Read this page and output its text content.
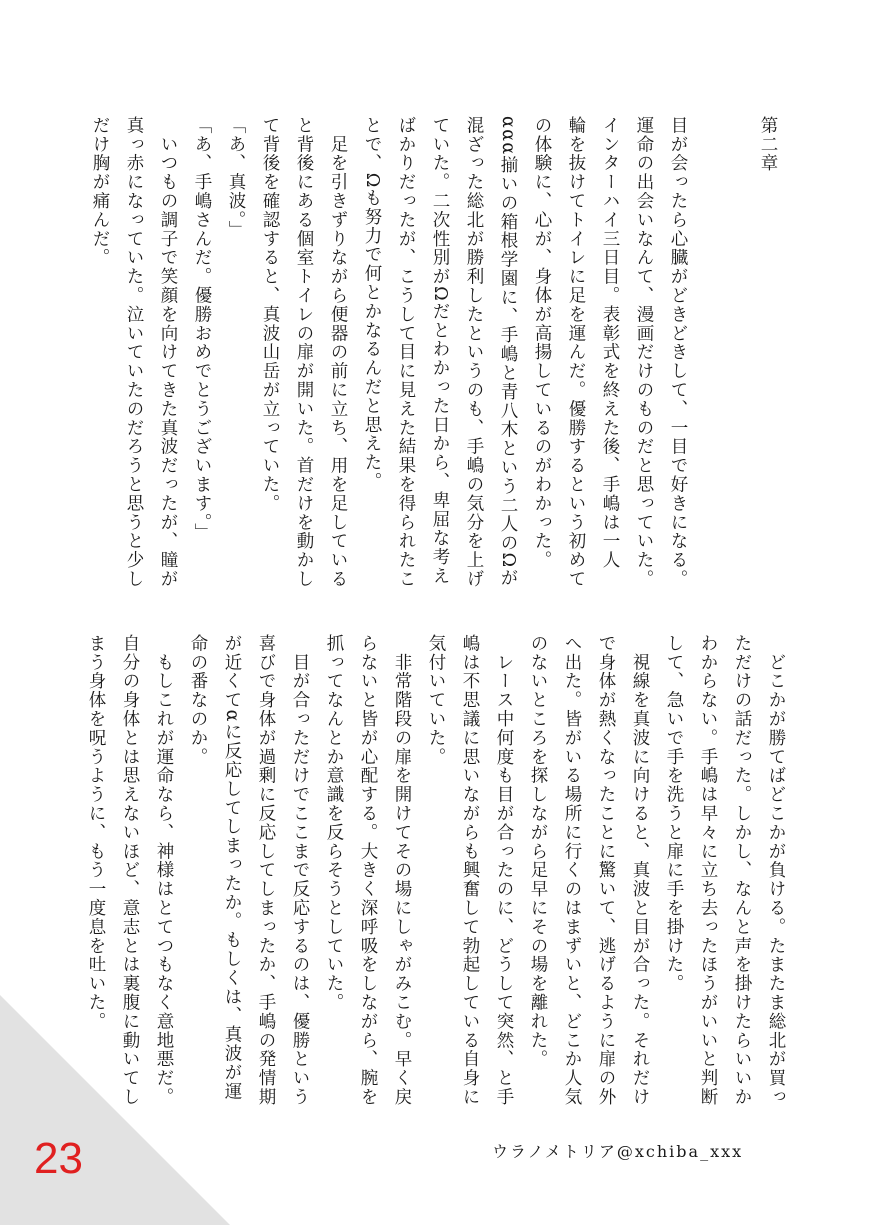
第二章
目が会ったら心臓がどきどきして、一目で好きになる。
運命の出会いなんて、漫画だけのものだと思っていた。
インターハイ三日目。表彰式を終えた後、手嶋は一人
輪を抜けてトイレに足を運んだ。優勝するという初めて
の体験に、心が、身体が高揚しているのがわかった。
ααα揃いの箱根学園に、手嶋と青八木という二人のΩが
混ざった総北が勝利したというのも、手嶋の気分を上げ
ていた。二次性別がΩだとわかった日から、卑屈な考え
ばかりだったが、こうして目に見えた結果を得られたこ
とで、Ωも努力で何とかなるんだと思えた。
　足を引きずりながら便器の前に立ち、用を足している
と背後にある個室トイレの扉が開いた。首だけを動かし
て背後を確認すると、真波山岳が立っていた。
「あ、真波。」
「あ、手嶋さんだ。優勝おめでとうございます。」
　いつもの調子で笑顔を向けてきた真波だったが、瞳が
真っ赤になっていた。泣いていたのだろうと思うと少し
だけ胸が痛んだ。
　どこかが勝てばどこかが負ける。たまたま総北が買っ
ただけの話だった。しかし、なんと声を掛けたらいいか
わからない。手嶋は早々に立ち去ったほうがいいと判断
して、急いで手を洗うと扉に手を掛けた。
　視線を真波に向けると、真波と目が合った。それだけ
で身体が熱くなったことに驚いて、逃げるように扉の外
へ出た。皆がいる場所に行くのはまずいと、どこか人気
のないところを探しながら足早にその場を離れた。
　レース中何度も目が合ったのに、どうして突然、と手
嶋は不思議に思いながらも興奮して勃起している自身に
気付いていた。
　非常階段の扉を開けてその場にしゃがみこむ。早く戻
らないと皆が心配する。大きく深呼吸をしながら、腕を
抓ってなんとか意識を反らそうとしていた。
　目が合っただけでここまで反応するのは、優勝という
喜びで身体が過剰に反応してしまったか、手嶋の発情期
が近くてαに反応してしまったか。もしくは、真波が運
命の番なのか。
　もしこれが運命なら、神様はとてつもなく意地悪だ。
自分の身体とは思えないほど、意志とは裏腹に動いてし
まう身体を呪うように、もう一度息を吐いた。
ウラノメトリア@xchiba_xxx
23
